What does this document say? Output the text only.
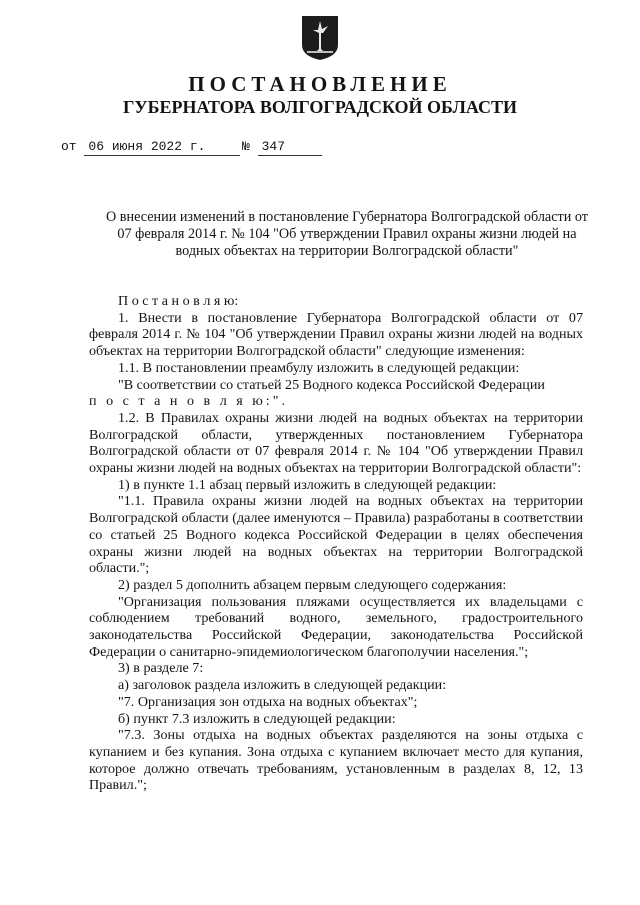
ПОСТАНОВЛЕНИЕ
ГУБЕРНАТОРА ВОЛГОГРАДСКОЙ ОБЛАСТИ
от 06 июня 2022 г.	№ 347
О внесении изменений в постановление Губернатора Волгоградской области от 07 февраля 2014 г. № 104 "Об утверждении Правил охраны жизни людей на водных объектах на территории Волгоградской области"
П о с т а н о в л я ю:
1. Внести в постановление Губернатора Волгоградской области от 07 февраля 2014 г. № 104 "Об утверждении Правил охраны жизни людей на водных объектах на территории Волгоградской области" следующие изменения:
1.1. В постановлении преамбулу изложить в следующей редакции:
"В соответствии со статьей 25 Водного кодекса Российской Федерации
п о с т а н о в л я ю:".
1.2. В Правилах охраны жизни людей на водных объектах на территории Волгоградской области, утвержденных постановлением Губернатора Волгоградской области от 07 февраля 2014 г. № 104 "Об утверждении Правил охраны жизни людей на водных объектах на территории Волгоградской области":
1) в пункте 1.1 абзац первый изложить в следующей редакции:
"1.1. Правила охраны жизни людей на водных объектах на территории Волгоградской области (далее именуются – Правила) разработаны в соответствии со статьей 25 Водного кодекса Российской Федерации в целях обеспечения охраны жизни людей на водных объектах на территории Волгоградской области.";
2) раздел 5 дополнить абзацем первым следующего содержания:
"Организация пользования пляжами осуществляется их владельцами с соблюдением требований водного, земельного, градостроительного законодательства Российской Федерации, законодательства Российской Федерации о санитарно-эпидемиологическом благополучии населения.";
3) в разделе 7:
а) заголовок раздела изложить в следующей редакции:
"7. Организация зон отдыха на водных объектах";
б) пункт 7.3 изложить в следующей редакции:
"7.3. Зоны отдыха на водных объектах разделяются на зоны отдыха с купанием и без купания. Зона отдыха с купанием включает место для купания, которое должно отвечать требованиям, установленным в разделах 8, 12, 13 Правил.";
